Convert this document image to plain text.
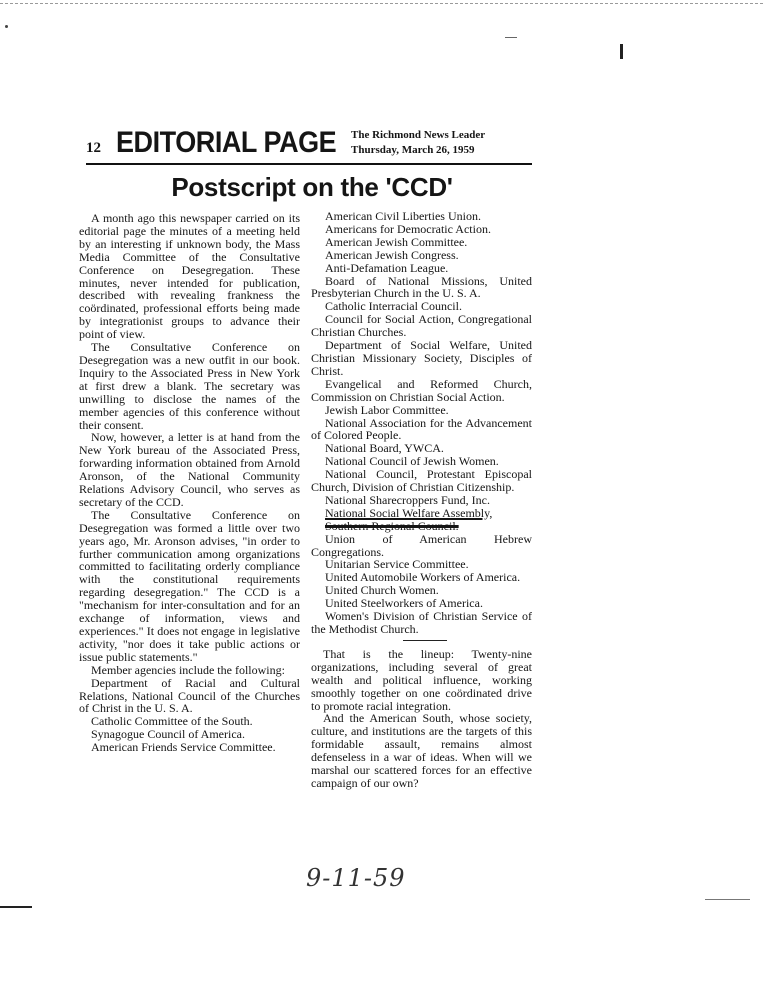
12 EDITORIAL PAGE The Richmond News Leader
Thursday, March 26, 1959
Postscript on the 'CCD'

A month ago this newspaper carried on its editorial page the minutes of a meeting held by an interesting if unknown body, the Mass Media Committee of the Consultative Conference on Desegregation. These minutes, never intended for publication, described with revealing frankness the coördinated, professional efforts being made by integrationist groups to advance their point of view.

The Consultative Conference on Desegregation was a new outfit in our book. Inquiry to the Associated Press in New York at first drew a blank. The secretary was unwilling to disclose the names of the member agencies of this conference without their consent.

Now, however, a letter is at hand from the New York bureau of the Associated Press, forwarding information obtained from Arnold Aronson, of the National Community Relations Advisory Council, who serves as secretary of the CCD.

The Consultative Conference on Desegregation was formed a little over two years ago, Mr. Aronson advises, "in order to further communication among organizations committed to facilitating orderly compliance with the constitutional requirements regarding desegregation." The CCD is a "mechanism for inter-consultation and for an exchange of information, views and experiences." It does not engage in legislative activity, "nor does it take public actions or issue public statements."

Member agencies include the following:

Department of Racial and Cultural Relations, National Council of the Churches of Christ in the U. S. A.

Catholic Committee of the South.

Synagogue Council of America.

American Friends Service Committee.

American Civil Liberties Union.

Americans for Democratic Action.

American Jewish Committee.

American Jewish Congress.

Anti-Defamation League.

Board of National Missions, United Presbyterian Church in the U. S. A.

Catholic Interracial Council.

Council for Social Action, Congregational Christian Churches.

Department of Social Welfare, United Christian Missionary Society, Disciples of Christ.

Evangelical and Reformed Church, Commission on Christian Social Action.

Jewish Labor Committee.

National Association for the Advancement of Colored People.

National Board, YWCA.

National Council of Jewish Women.

National Council, Protestant Episcopal Church, Division of Christian Citizenship.

National Sharecroppers Fund, Inc.

National Social Welfare Assembly,

Southern Regional Council.

Union of American Hebrew Congregations.

Unitarian Service Committee.

United Automobile Workers of America.

United Church Women.

United Steelworkers of America.

Women's Division of Christian Service of the Methodist Church.

That is the lineup: Twenty-nine organizations, including several of great wealth and political influence, working smoothly together on one coördinated drive to promote racial integration.

And the American South, whose society, culture, and institutions are the targets of this formidable assault, remains almost defenseless in a war of ideas. When will we marshal our scattered forces for an effective campaign of our own?

9-11-59
